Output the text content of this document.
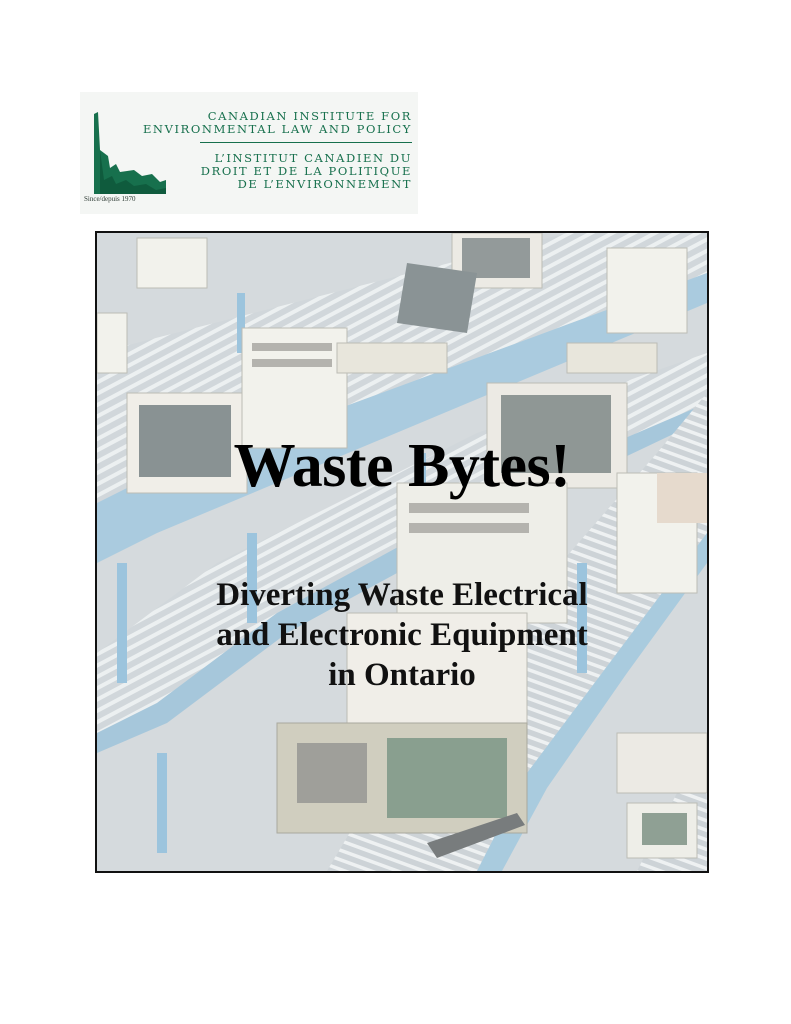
Since/depuis 1970
CANADIAN INSTITUTE FOR
ENVIRONMENTAL LAW AND POLICY
L’INSTITUT CANADIEN DU
DROIT ET DE LA POLITIQUE
DE L’ENVIRONNEMENT
Waste Bytes!
Diverting Waste Electrical
and Electronic Equipment
in Ontario
